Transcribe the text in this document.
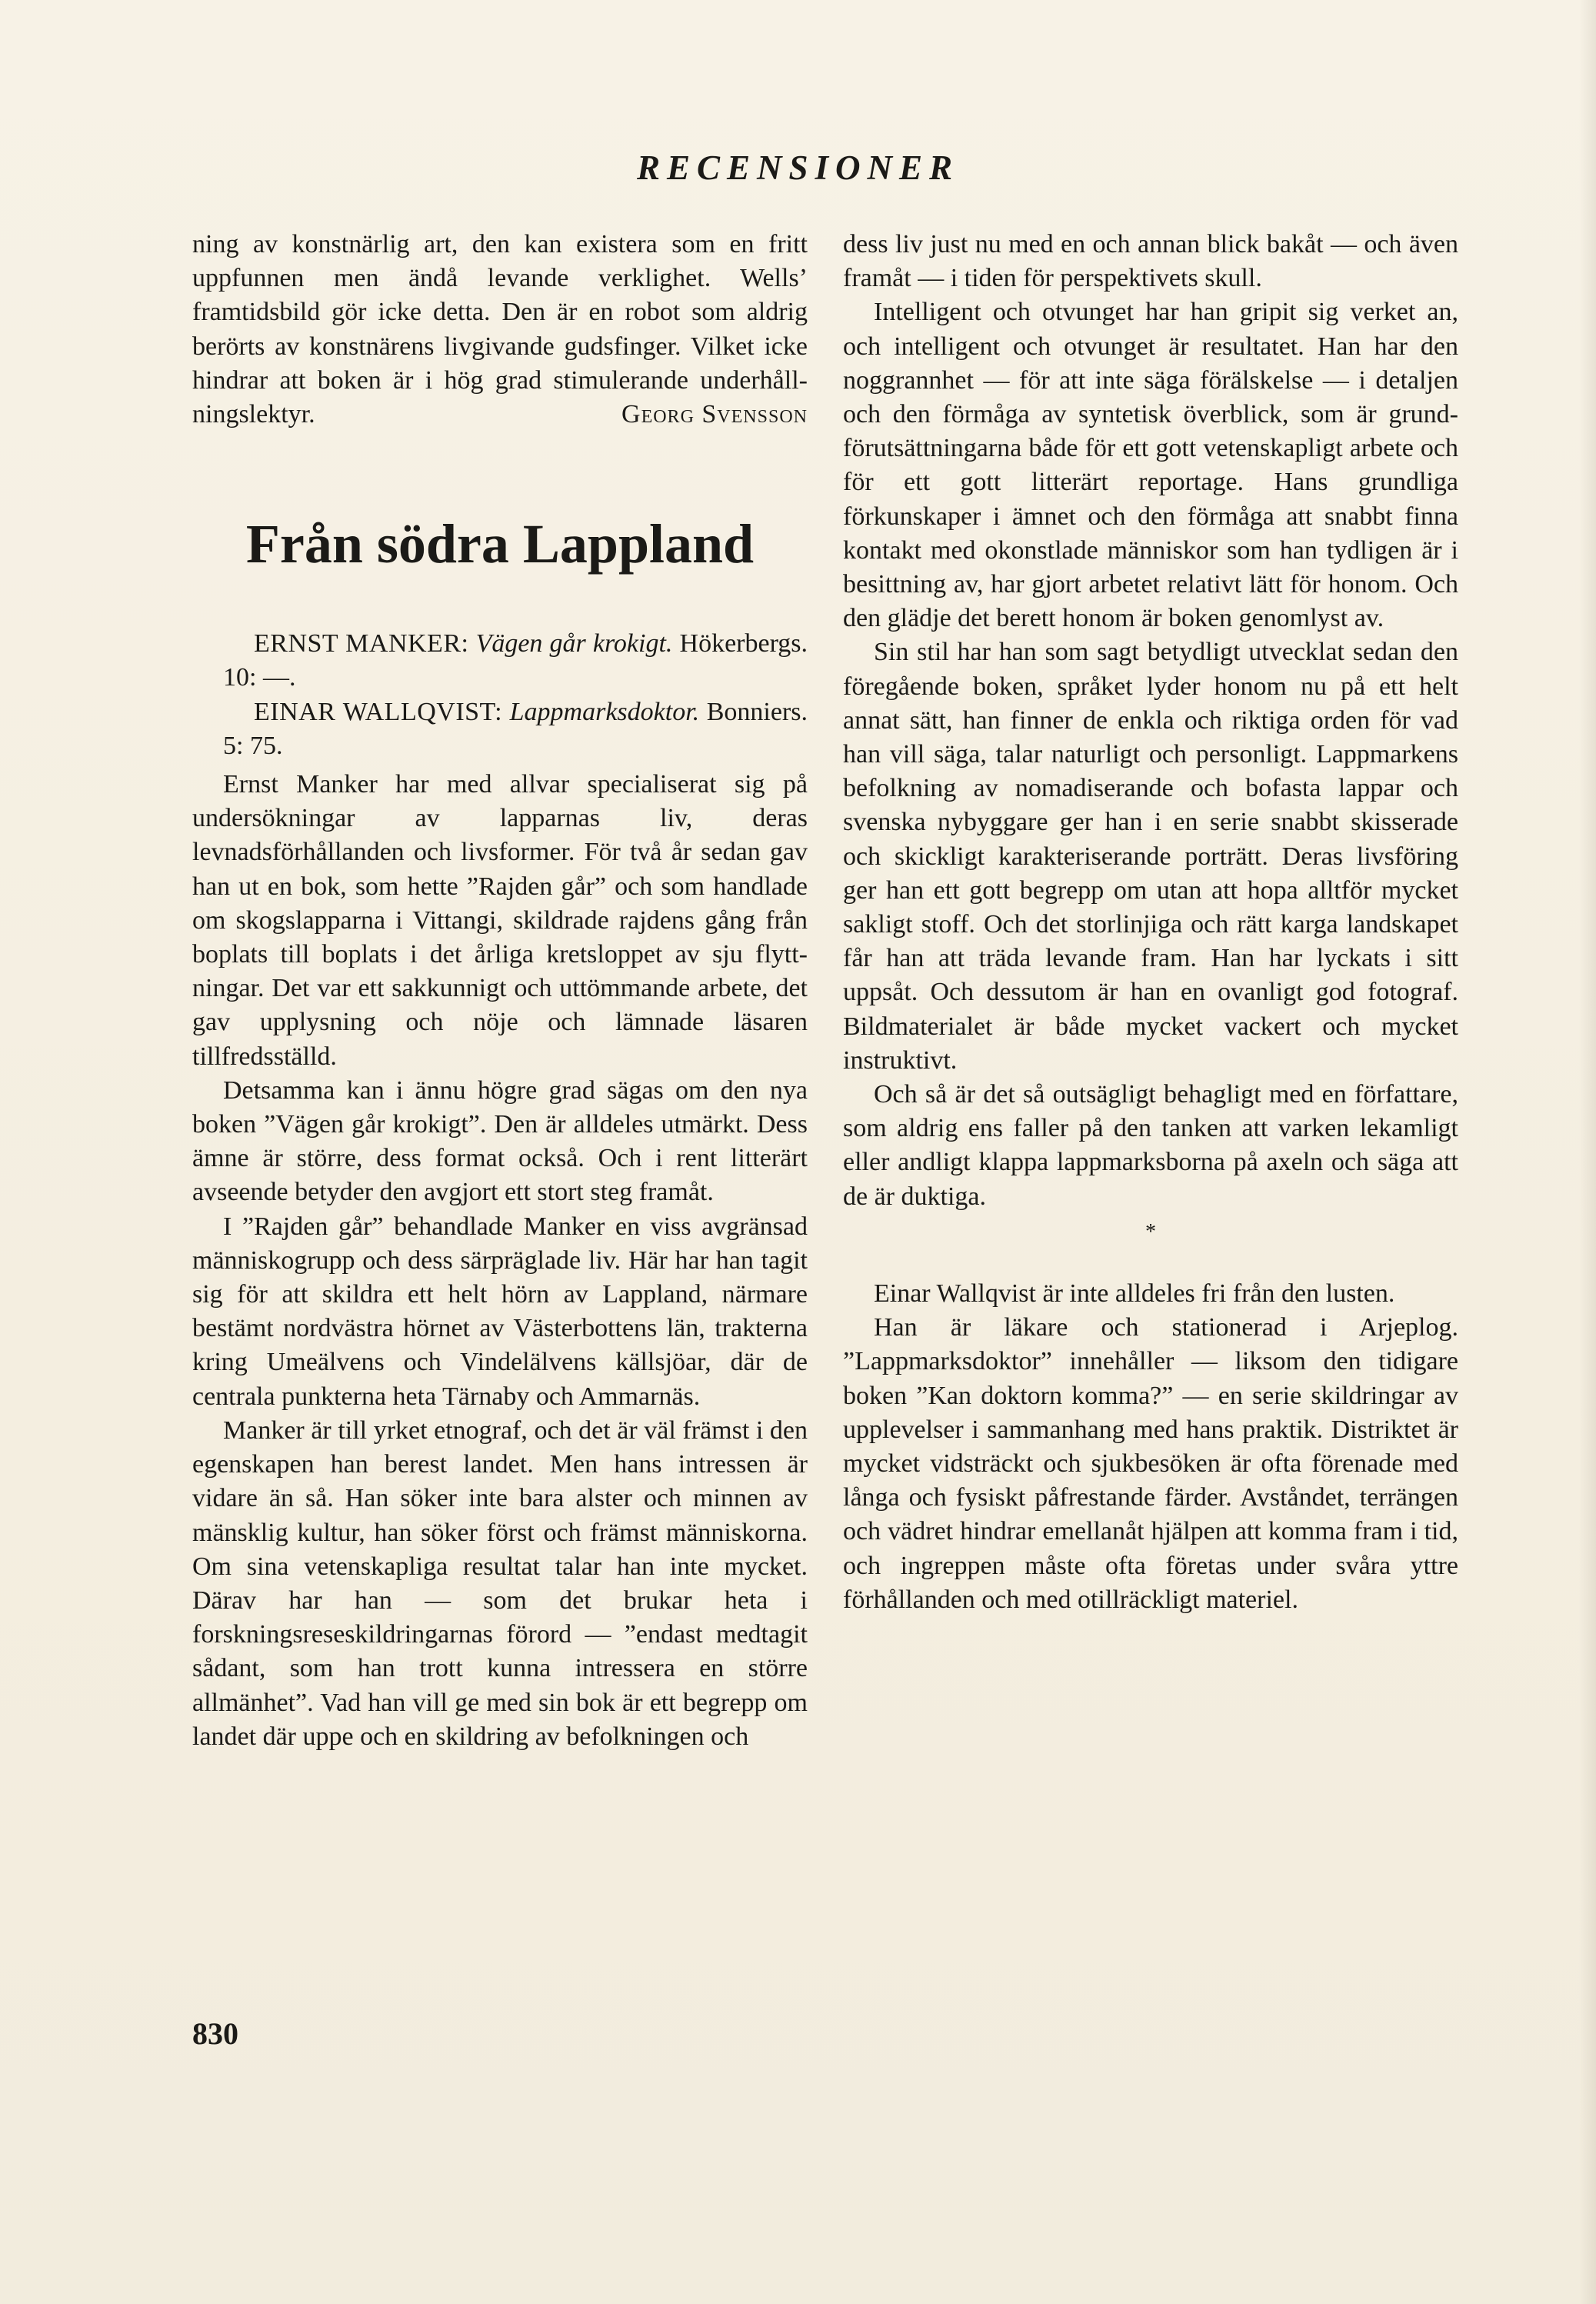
RECENSIONER

ning av konstnärlig art, den kan existera som en fritt uppfunnen men ändå levande verklighet. Wells’ framtidsbild gör icke detta. Den är en robot som aldrig berörts av konstnärens livgivande gudsfinger. Vilket icke hindrar att boken är i hög grad stimulerande underhållningslektyr.	Georg Svensson

Från södra Lappland

ERNST MANKER: Vägen går krokigt. Hökerbergs. 10: —.

EINAR WALLQVIST: Lappmarksdoktor. Bonniers. 5: 75.

Ernst Manker har med allvar specialiserat sig på undersökningar av lapparnas liv, deras levnadsförhållanden och livsformer. För två år sedan gav han ut en bok, som hette ”Rajden går” och som handlade om skogslapparna i Vittangi, skildrade rajdens gång från boplats till boplats i det årliga kretsloppet av sju flyttningar. Det var ett sakkunnigt och uttömmande arbete, det gav upplysning och nöje och lämnade läsaren tillfredsställd.

Detsamma kan i ännu högre grad sägas om den nya boken ”Vägen går krokigt”. Den är alldeles utmärkt. Dess ämne är större, dess format också. Och i rent litterärt avseende betyder den avgjort ett stort steg framåt.

I ”Rajden går” behandlade Manker en viss avgränsad människogrupp och dess särpräglade liv. Här har han tagit sig för att skildra ett helt hörn av Lappland, närmare bestämt nordvästra hörnet av Västerbottens län, trakterna kring Umeälvens och Vindelälvens källsjöar, där de centrala punkterna heta Tärnaby och Ammarnäs.

Manker är till yrket etnograf, och det är väl främst i den egenskapen han berest landet. Men hans intressen är vidare än så. Han söker inte bara alster och minnen av mänsklig kultur, han söker först och främst människorna. Om sina vetenskapliga resultat talar han inte mycket. Därav har han — som det brukar heta i forskningsreseskildringarnas förord — ”endast medtagit sådant, som han trott kunna intressera en större allmänhet”. Vad han vill ge med sin bok är ett begrepp om landet där uppe och en skildring av befolkningen och

dess liv just nu med en och annan blick bakåt — och även framåt — i tiden för perspektivets skull.

Intelligent och otvunget har han gripit sig verket an, och intelligent och otvunget är resultatet. Han har den noggrannhet — för att inte säga förälskelse — i detaljen och den förmåga av syntetisk överblick, som är grundförutsättningarna både för ett gott vetenskapligt arbete och för ett gott litterärt reportage. Hans grundliga förkunskaper i ämnet och den förmåga att snabbt finna kontakt med okonstlade människor som han tydligen är i besittning av, har gjort arbetet relativt lätt för honom. Och den glädje det berett honom är boken genomlyst av.

Sin stil har han som sagt betydligt utvecklat sedan den föregående boken, språket lyder honom nu på ett helt annat sätt, han finner de enkla och riktiga orden för vad han vill säga, talar naturligt och personligt. Lappmarkens befolkning av nomadiserande och bofasta lappar och svenska nybyggare ger han i en serie snabbt skisserade och skickligt karakteriserande porträtt. Deras livsföring ger han ett gott begrepp om utan att hopa alltför mycket sakligt stoff. Och det storlinjiga och rätt karga landskapet får han att träda levande fram. Han har lyckats i sitt uppsåt. Och dessutom är han en ovanligt god fotograf. Bildmaterialet är både mycket vackert och mycket instruktivt.

Och så är det så outsägligt behagligt med en författare, som aldrig ens faller på den tanken att varken lekamligt eller andligt klappa lappmarksborna på axeln och säga att de är duktiga.

*

Einar Wallqvist är inte alldeles fri från den lusten.

Han är läkare och stationerad i Arjeplog. ”Lappmarksdoktor” innehåller — liksom den tidigare boken ”Kan doktorn komma?” — en serie skildringar av upplevelser i sammanhang med hans praktik. Distriktet är mycket vidsträckt och sjukbesöken är ofta förenade med långa och fysiskt påfrestande färder. Avståndet, terrängen och vädret hindrar emellanåt hjälpen att komma fram i tid, och ingreppen måste ofta företas under svåra yttre förhållanden och med otillräckligt materiel.

830
